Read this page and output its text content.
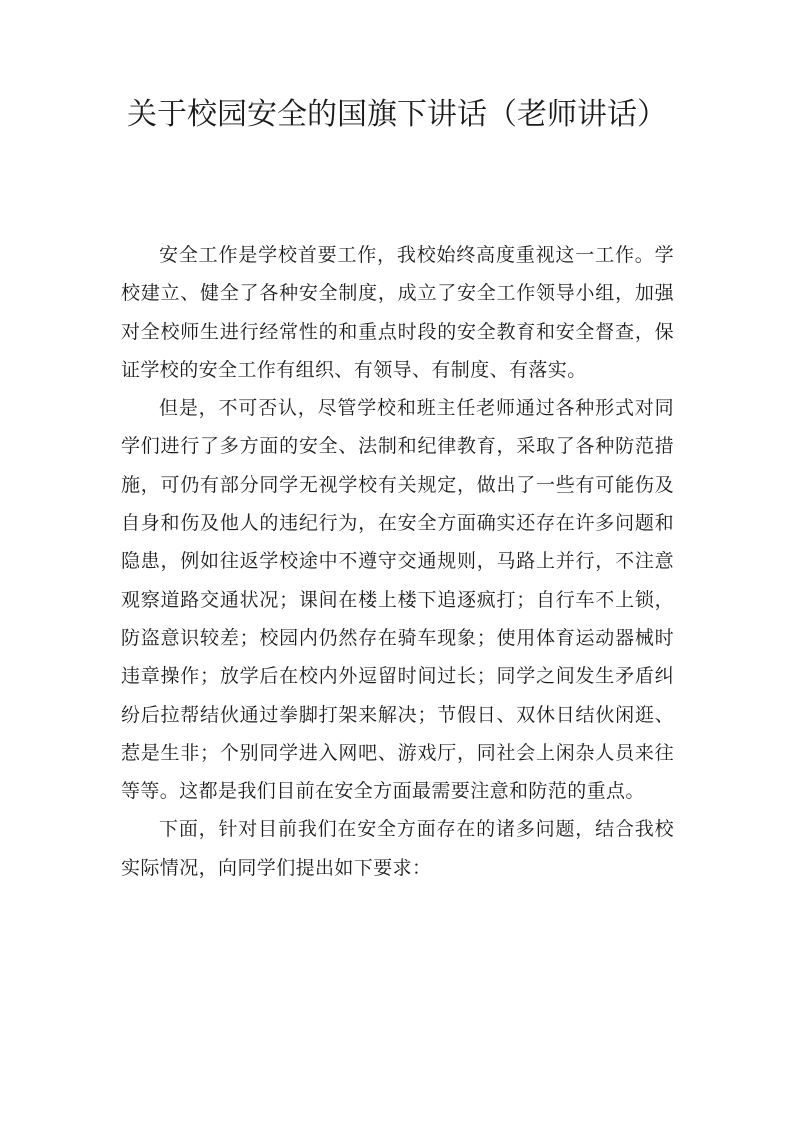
关于校园安全的国旗下讲话（老师讲话）

安全工作是学校首要工作，我校始终高度重视这一工作。学校建立、健全了各种安全制度，成立了安全工作领导小组，加强对全校师生进行经常性的和重点时段的安全教育和安全督查，保证学校的安全工作有组织、有领导、有制度、有落实。

但是，不可否认，尽管学校和班主任老师通过各种形式对同学们进行了多方面的安全、法制和纪律教育，采取了各种防范措施，可仍有部分同学无视学校有关规定，做出了一些有可能伤及自身和伤及他人的违纪行为，在安全方面确实还存在许多问题和隐患，例如往返学校途中不遵守交通规则，马路上并行，不注意观察道路交通状况；课间在楼上楼下追逐疯打；自行车不上锁，防盗意识较差；校园内仍然存在骑车现象；使用体育运动器械时违章操作；放学后在校内外逗留时间过长；同学之间发生矛盾纠纷后拉帮结伙通过拳脚打架来解决；节假日、双休日结伙闲逛、惹是生非；个别同学进入网吧、游戏厅，同社会上闲杂人员来往等等。这都是我们目前在安全方面最需要注意和防范的重点。

下面，针对目前我们在安全方面存在的诸多问题，结合我校实际情况，向同学们提出如下要求：
